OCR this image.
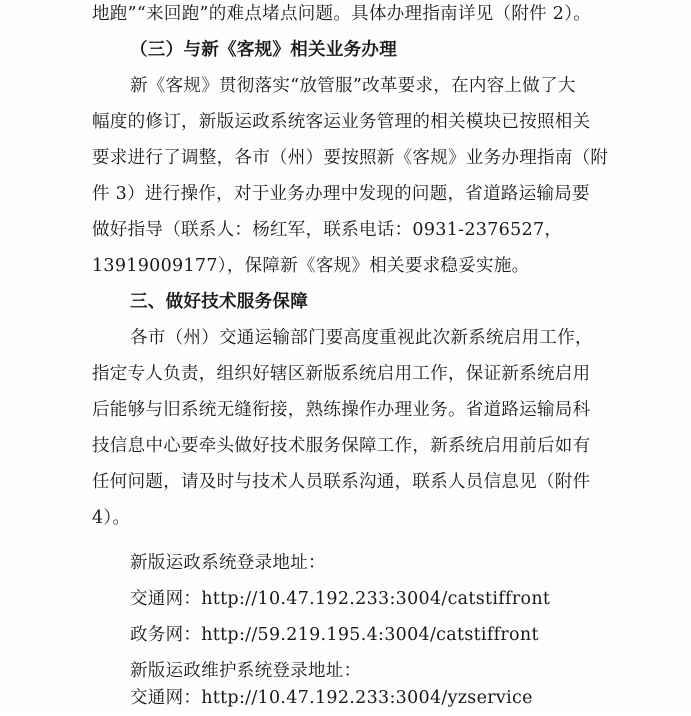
地跑”“来回跑”的难点堵点问题。具体办理指南详见（附件 2）。
（三）与新《客规》相关业务办理
新《客规》贯彻落实“放管服”改革要求，在内容上做了大
幅度的修订，新版运政系统客运业务管理的相关模块已按照相关
要求进行了调整，各市（州）要按照新《客规》业务办理指南（附
件 3）进行操作，对于业务办理中发现的问题，省道路运输局要
做好指导（联系人：杨红军，联系电话：0931-2376527，
13919009177），保障新《客规》相关要求稳妥实施。
三、做好技术服务保障
各市（州）交通运输部门要高度重视此次新系统启用工作，
指定专人负责，组织好辖区新版系统启用工作，保证新系统启用
后能够与旧系统无缝衔接，熟练操作办理业务。省道路运输局科
技信息中心要牵头做好技术服务保障工作，新系统启用前后如有
任何问题，请及时与技术人员联系沟通，联系人员信息见（附件
4）。
新版运政系统登录地址：
交通网：http://10.47.192.233:3004/catstiffront
政务网：http://59.219.195.4:3004/catstiffront
新版运政维护系统登录地址：
交通网：http://10.47.192.233:3004/yzservice
